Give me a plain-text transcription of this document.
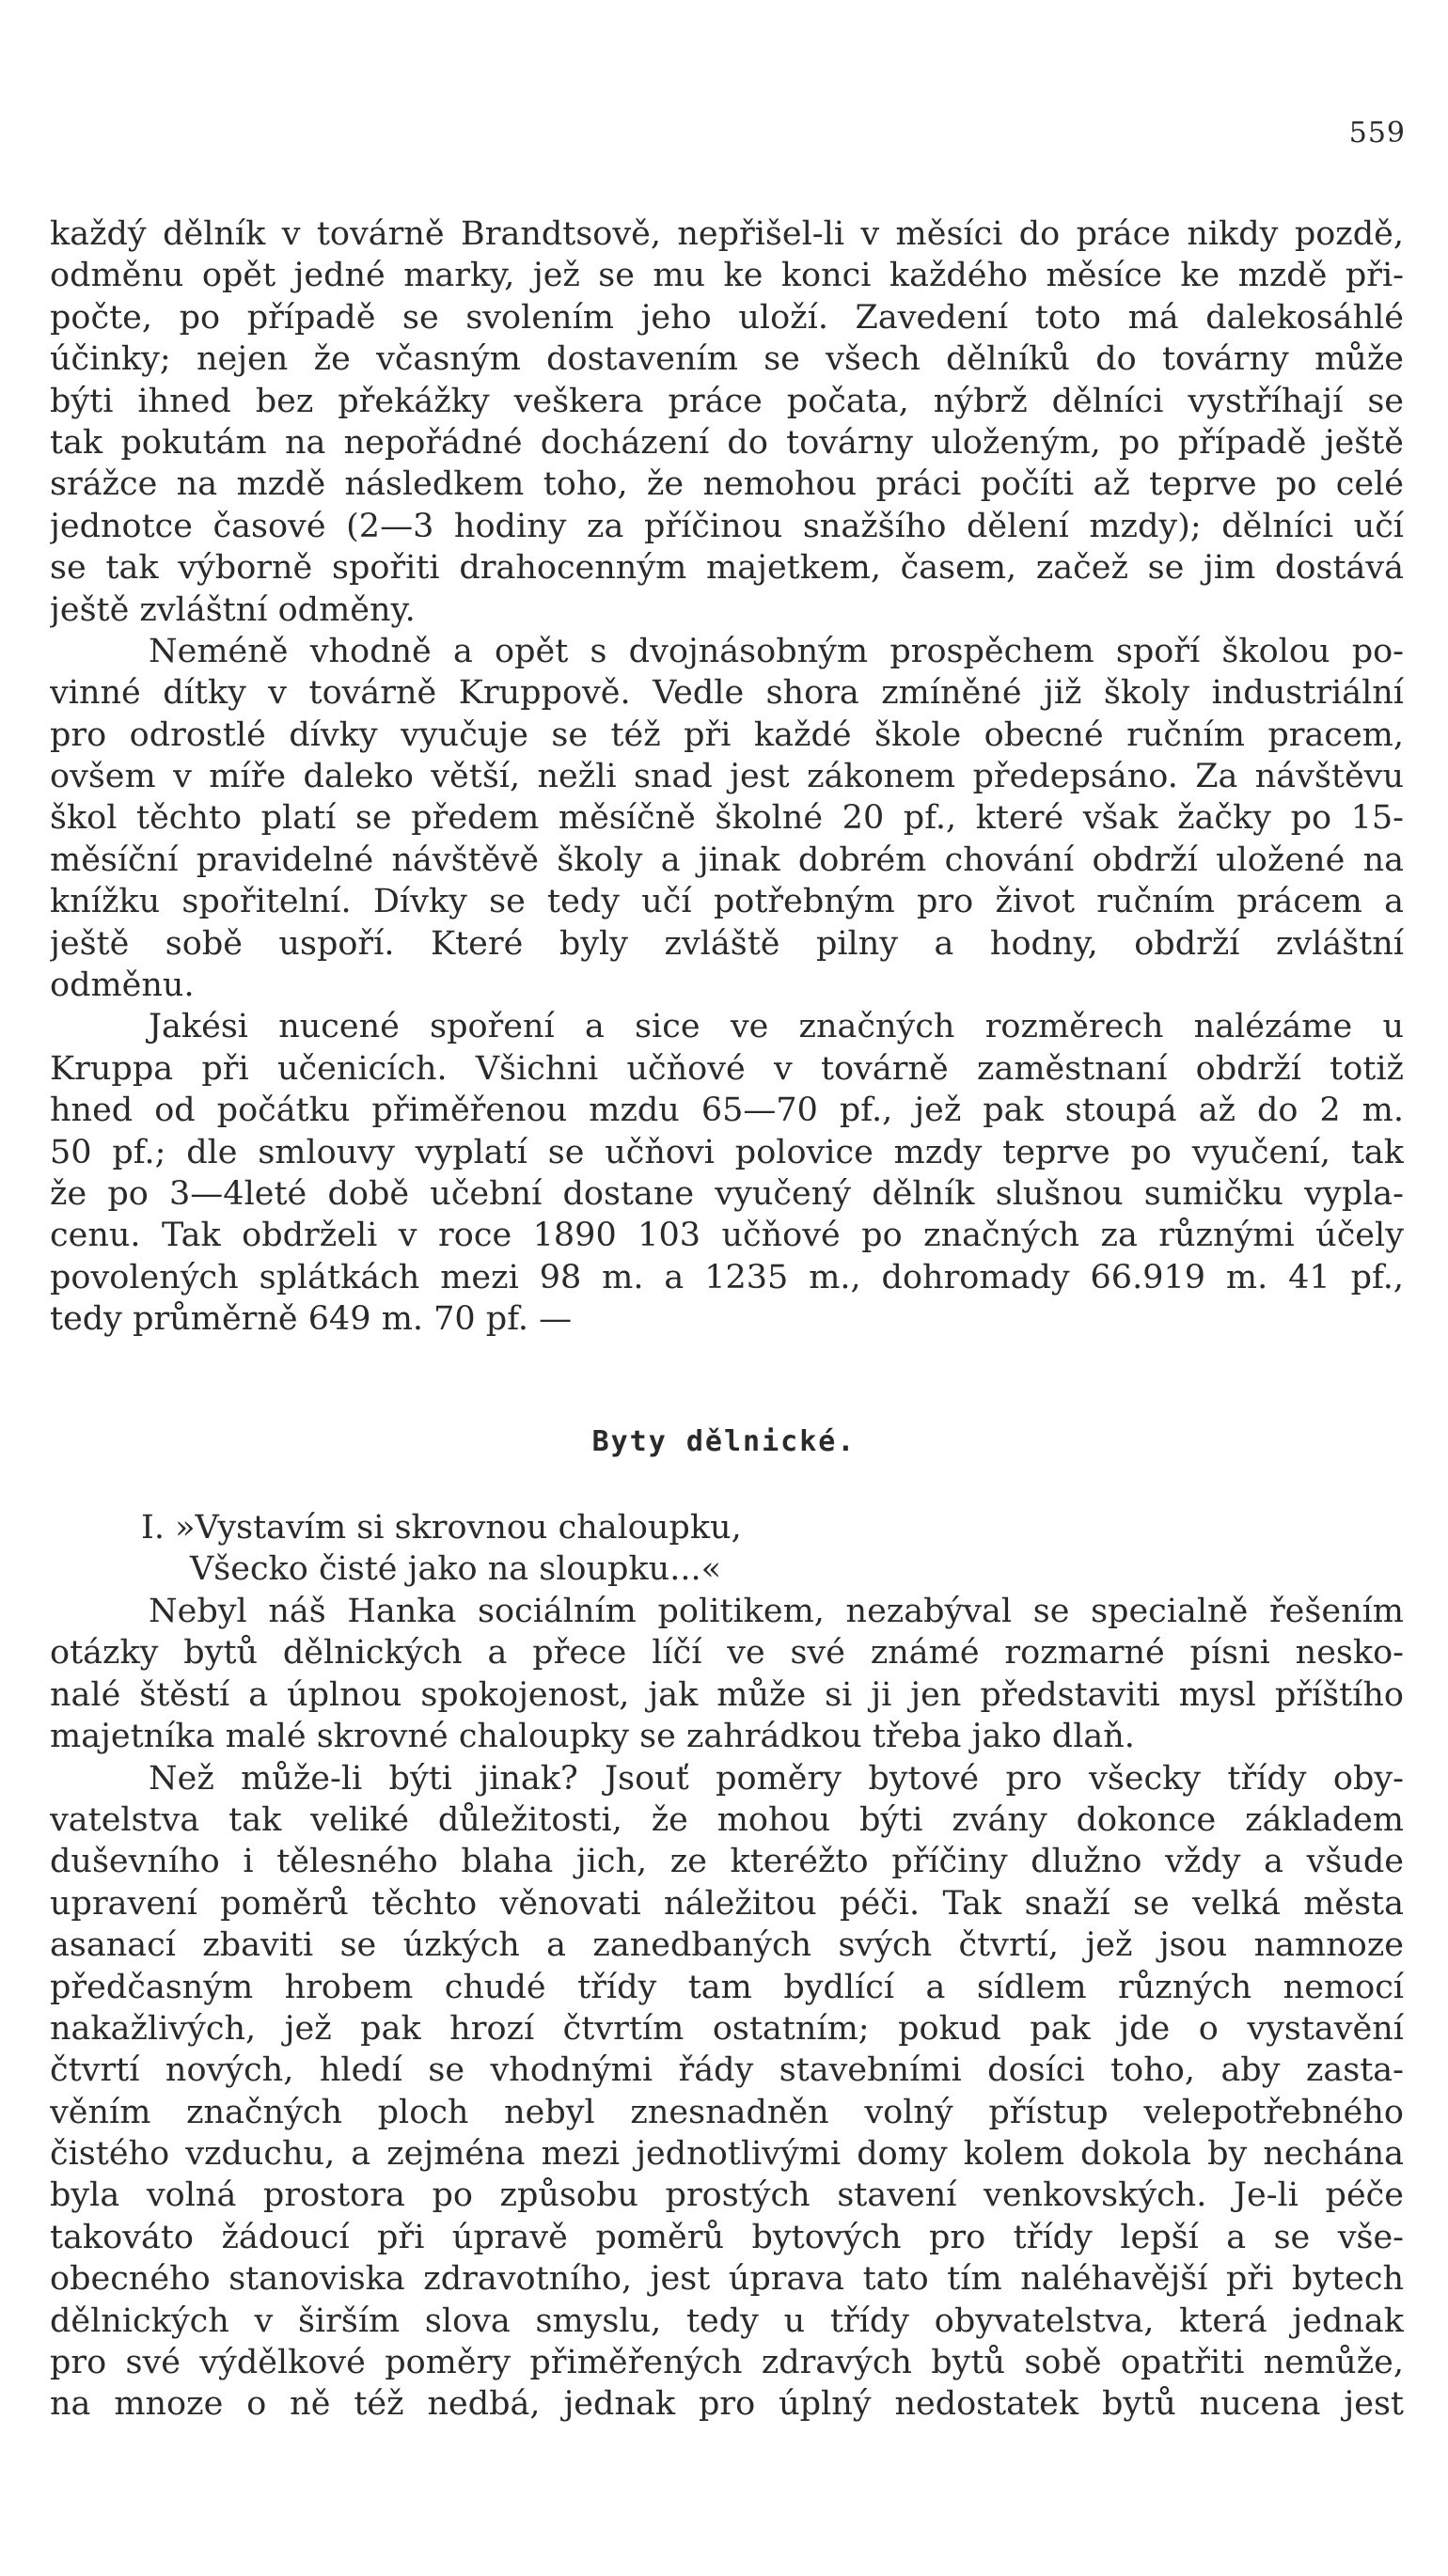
559
každý dělník v továrně Brandtsově, nepřišel-li v měsíci do práce nikdy pozdě,
odměnu opět jedné marky, jež se mu ke konci každého měsíce ke mzdě při-
počte, po případě se svolením jeho uloží. Zavedení toto má dalekosáhlé
účinky; nejen že včasným dostavením se všech dělníků do továrny může
býti ihned bez překážky veškera práce počata, nýbrž dělníci vystříhají se
tak pokutám na nepořádné docházení do továrny uloženým, po případě ještě
srážce na mzdě následkem toho, že nemohou práci počíti až teprve po celé
jednotce časové (2—3 hodiny za příčinou snažšího dělení mzdy); dělníci učí
se tak výborně spořiti drahocenným majetkem, časem, začež se jim dostává
ještě zvláštní odměny.
Neméně vhodně a opět s dvojnásobným prospěchem spoří školou po-
vinné dítky v továrně Kruppově. Vedle shora zmíněné již školy industriální
pro odrostlé dívky vyučuje se též při každé škole obecné ručním pracem,
ovšem v míře daleko větší, nežli snad jest zákonem předepsáno. Za návštěvu
škol těchto platí se předem měsíčně školné 20 pf., které však žačky po 15-
měsíční pravidelné návštěvě školy a jinak dobrém chování obdrží uložené na
knížku spořitelní. Dívky se tedy učí potřebným pro život ručním prácem a
ještě sobě uspoří. Které byly zvláště pilny a hodny, obdrží zvláštní
odměnu.
Jakési nucené spoření a sice ve značných rozměrech nalézáme u
Kruppa při učenicích. Všichni učňové v továrně zaměstnaní obdrží totiž
hned od počátku přiměřenou mzdu 65—70 pf., jež pak stoupá až do 2 m.
50 pf.; dle smlouvy vyplatí se učňovi polovice mzdy teprve po vyučení, tak
že po 3—4leté době učební dostane vyučený dělník slušnou sumičku vypla-
cenu. Tak obdrželi v roce 1890 103 učňové po značných za různými účely
povolených splátkách mezi 98 m. a 1235 m., dohromady 66.919 m. 41 pf.,
tedy průměrně 649 m. 70 pf. —
Byty dělnické.
I. »Vystavím si skrovnou chaloupku,
Všecko čisté jako na sloupku...«
Nebyl náš Hanka sociálním politikem, nezabýval se specialně řešením
otázky bytů dělnických a přece líčí ve své známé rozmarné písni nesko-
nalé štěstí a úplnou spokojenost, jak může si ji jen představiti mysl příštího
majetníka malé skrovné chaloupky se zahrádkou třeba jako dlaň.
Než může-li býti jinak? Jsouť poměry bytové pro všecky třídy oby-
vatelstva tak veliké důležitosti, že mohou býti zvány dokonce základem
duševního i tělesného blaha jich, ze kteréžto příčiny dlužno vždy a všude
upravení poměrů těchto věnovati náležitou péči. Tak snaží se velká města
asanací zbaviti se úzkých a zanedbaných svých čtvrtí, jež jsou namnoze
předčasným hrobem chudé třídy tam bydlící a sídlem různých nemocí
nakažlivých, jež pak hrozí čtvrtím ostatním; pokud pak jde o vystavění
čtvrtí nových, hledí se vhodnými řády stavebními dosíci toho, aby zasta-
věním značných ploch nebyl znesnadněn volný přístup velepotřebného
čistého vzduchu, a zejména mezi jednotlivými domy kolem dokola by nechána
byla volná prostora po způsobu prostých stavení venkovských. Je-li péče
takováto žádoucí při úpravě poměrů bytových pro třídy lepší a se vše-
obecného stanoviska zdravotního, jest úprava tato tím naléhavější při bytech
dělnických v širším slova smyslu, tedy u třídy obyvatelstva, která jednak
pro své výdělkové poměry přiměřených zdravých bytů sobě opatřiti nemůže,
na mnoze o ně též nedbá, jednak pro úplný nedostatek bytů nucena jest
